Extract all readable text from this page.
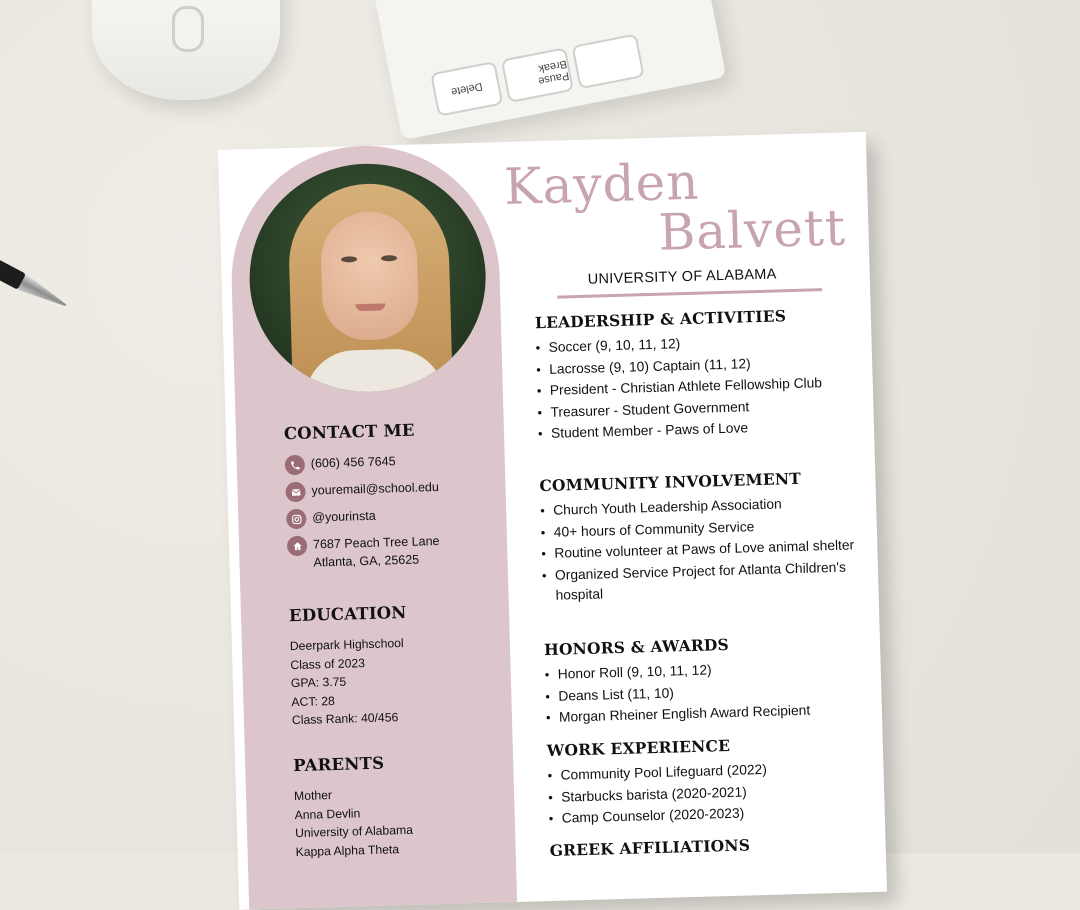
Delete
Pause Break
CONTACT ME
(606) 456 7645
youremail@school.edu
@yourinsta
7687 Peach Tree Lane
Atlanta, GA, 25625
EDUCATION
Deerpark Highschool
Class of 2023
GPA: 3.75
ACT: 28
Class Rank: 40/456
PARENTS
Mother
Anna Devlin
University of Alabama
Kappa Alpha Theta
Kayden
Balvett
UNIVERSITY OF ALABAMA
LEADERSHIP & ACTIVITIES
• Soccer (9, 10, 11, 12)
• Lacrosse (9, 10) Captain (11, 12)
• President - Christian Athlete Fellowship Club
• Treasurer - Student Government
• Student Member - Paws of Love
COMMUNITY INVOLVEMENT
• Church Youth Leadership Association
• 40+ hours of Community Service
• Routine volunteer at Paws of Love animal shelter
• Organized Service Project for Atlanta Children's hospital
HONORS & AWARDS
• Honor Roll (9, 10, 11, 12)
• Deans List (11, 10)
• Morgan Rheiner English Award Recipient
WORK EXPERIENCE
• Community Pool Lifeguard (2022)
• Starbucks barista (2020-2021)
• Camp Counselor (2020-2023)
GREEK AFFILIATIONS
